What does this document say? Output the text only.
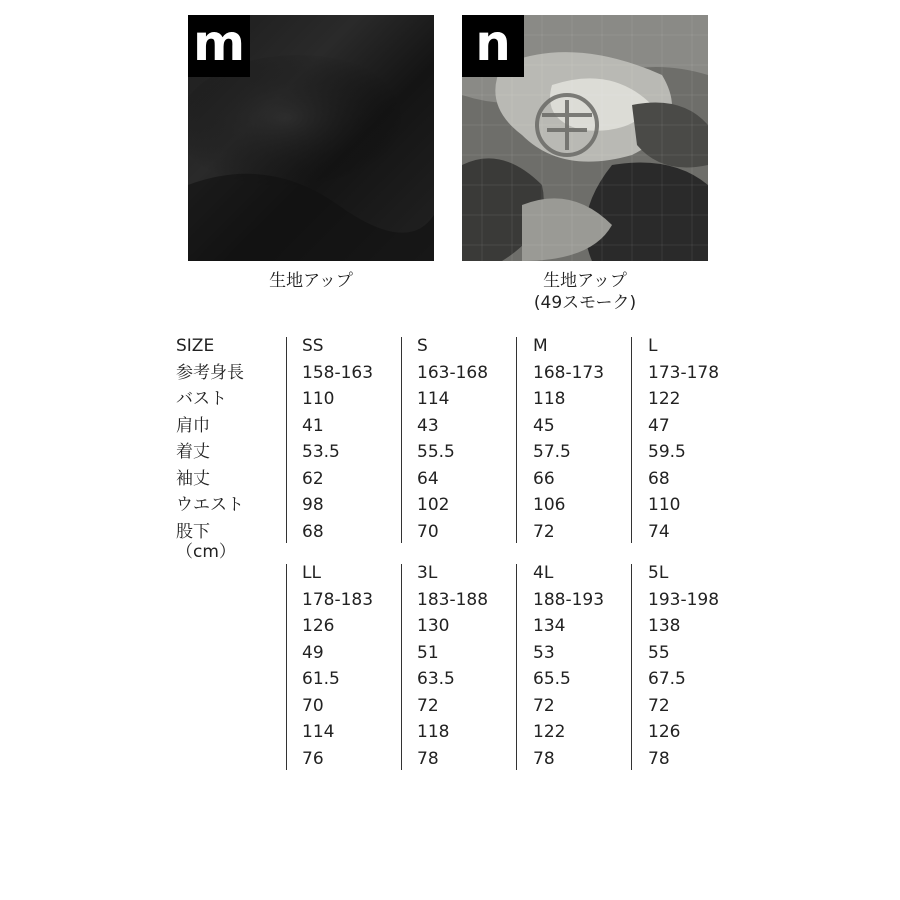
m	n
生地アップ	生地アップ
(49スモーク)
SIZE
参考身長
バスト
肩巾
着丈
袖丈
ウエスト
股下
（cm）
SS
158-163
110
41
53.5
62
98
68
S
163-168
114
43
55.5
64
102
70
M
168-173
118
45
57.5
66
106
72
L
173-178
122
47
59.5
68
110
74
LL
178-183
126
49
61.5
70
114
76
3L
183-188
130
51
63.5
72
118
78
4L
188-193
134
53
65.5
72
122
78
5L
193-198
138
55
67.5
72
126
78
